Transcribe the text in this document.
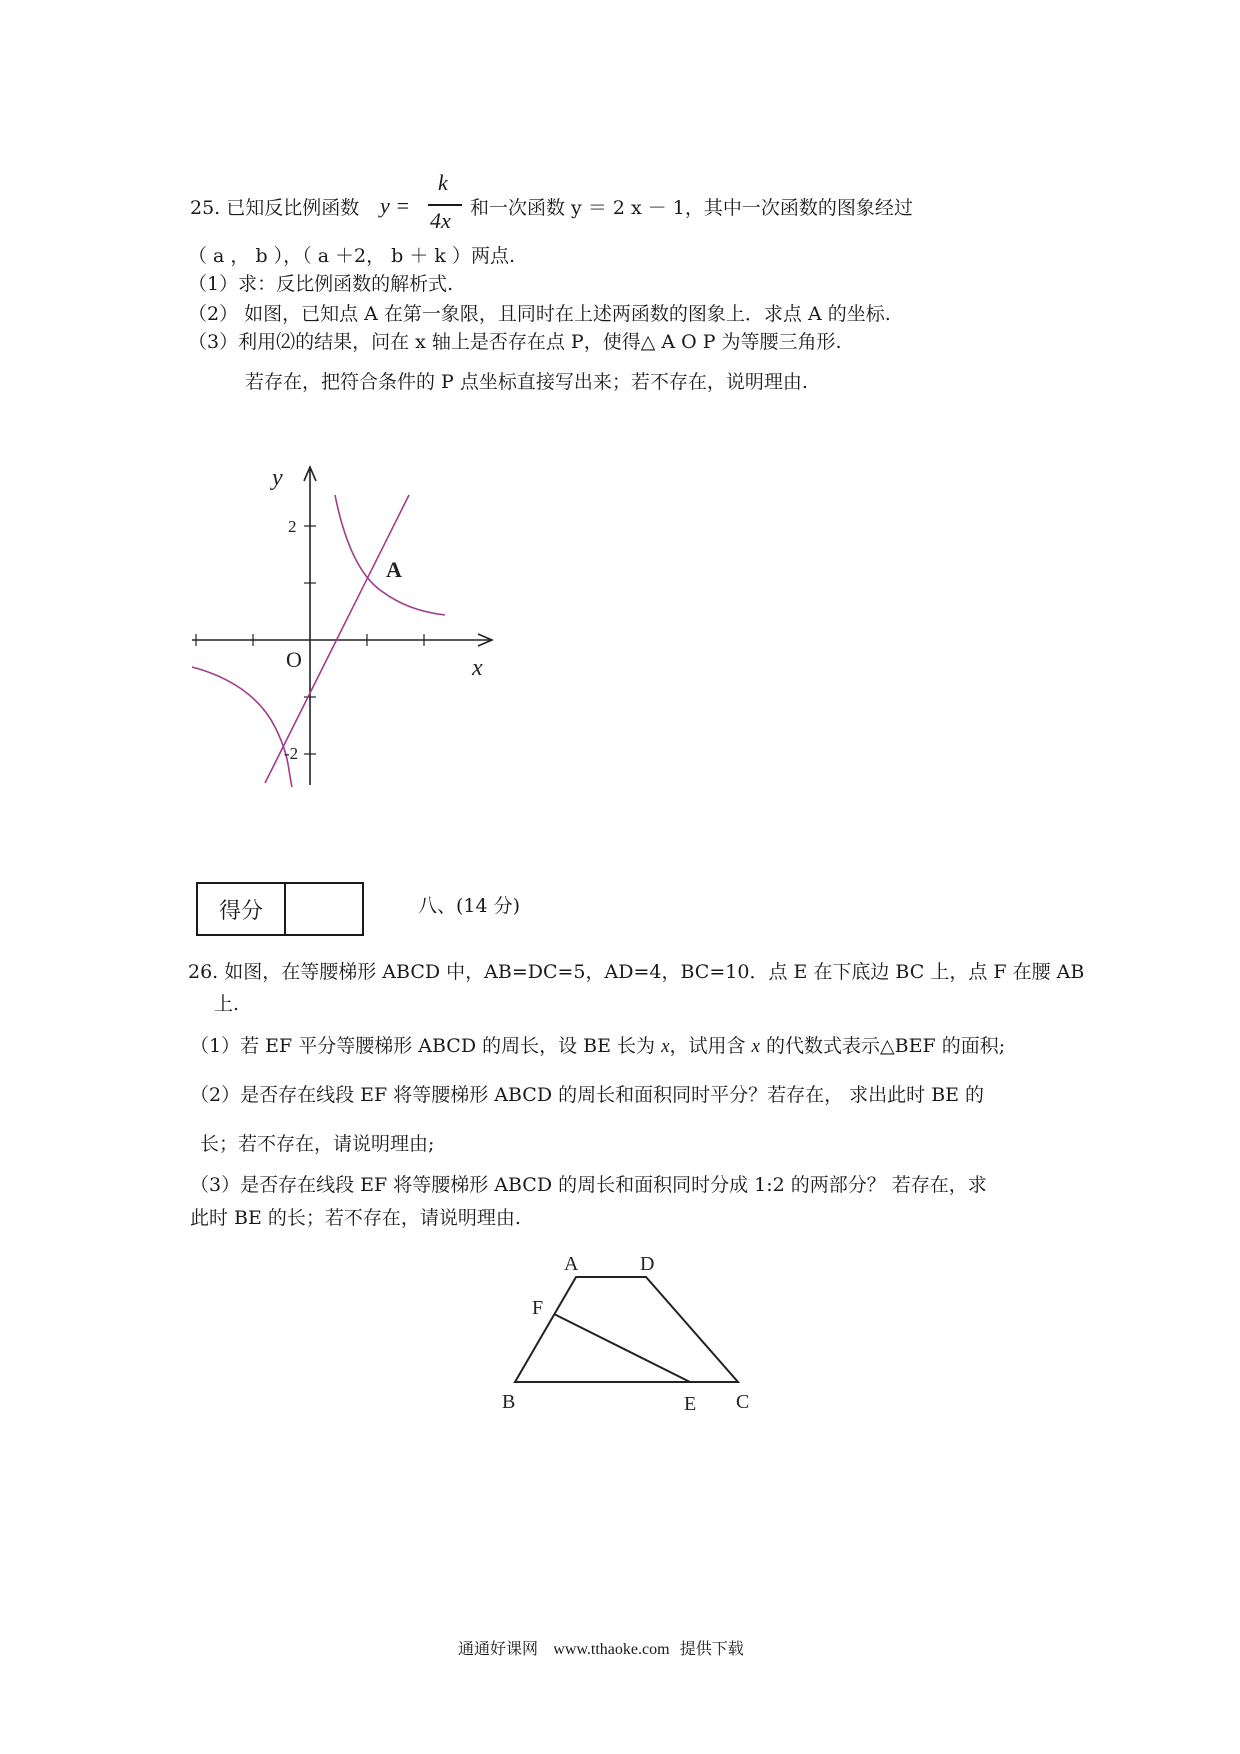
25. 已知反比例函数 y =
k
4x 和一次函数 y ＝ 2 x － 1，其中一次函数的图象经过
（ a ， b ），（ a ＋2， b ＋ k ）两点.
（1）求：反比例函数的解析式.
（2） 如图，已知点 A 在第一象限，且同时在上述两函数的图象上．求点 A 的坐标.
（3）利用⑵的结果，问在 x 轴上是否存在点 P，使得△ A O P 为等腰三角形.
若存在，把符合条件的 P 点坐标直接写出来；若不存在，说明理由.
y
x
O
A
2
-2
得分	八、(14 分)
26. 如图，在等腰梯形 ABCD 中，AB=DC=5，AD=4，BC=10．点 E 在下底边 BC 上，点 F 在腰 AB
上.
（1）若 EF 平分等腰梯形 ABCD 的周长，设 BE 长为 x，试用含 x 的代数式表示△BEF 的面积;
（2）是否存在线段 EF 将等腰梯形 ABCD 的周长和面积同时平分？若存在， 求出此时 BE 的
长；若不存在，请说明理由;
（3）是否存在线段 EF 将等腰梯形 ABCD 的周长和面积同时分成 1:2 的两部分？ 若存在，求
此时 BE 的长；若不存在，请说明理由.
A	D
F
B	E C
通通好课网 www.tthaoke.com 提供下载
